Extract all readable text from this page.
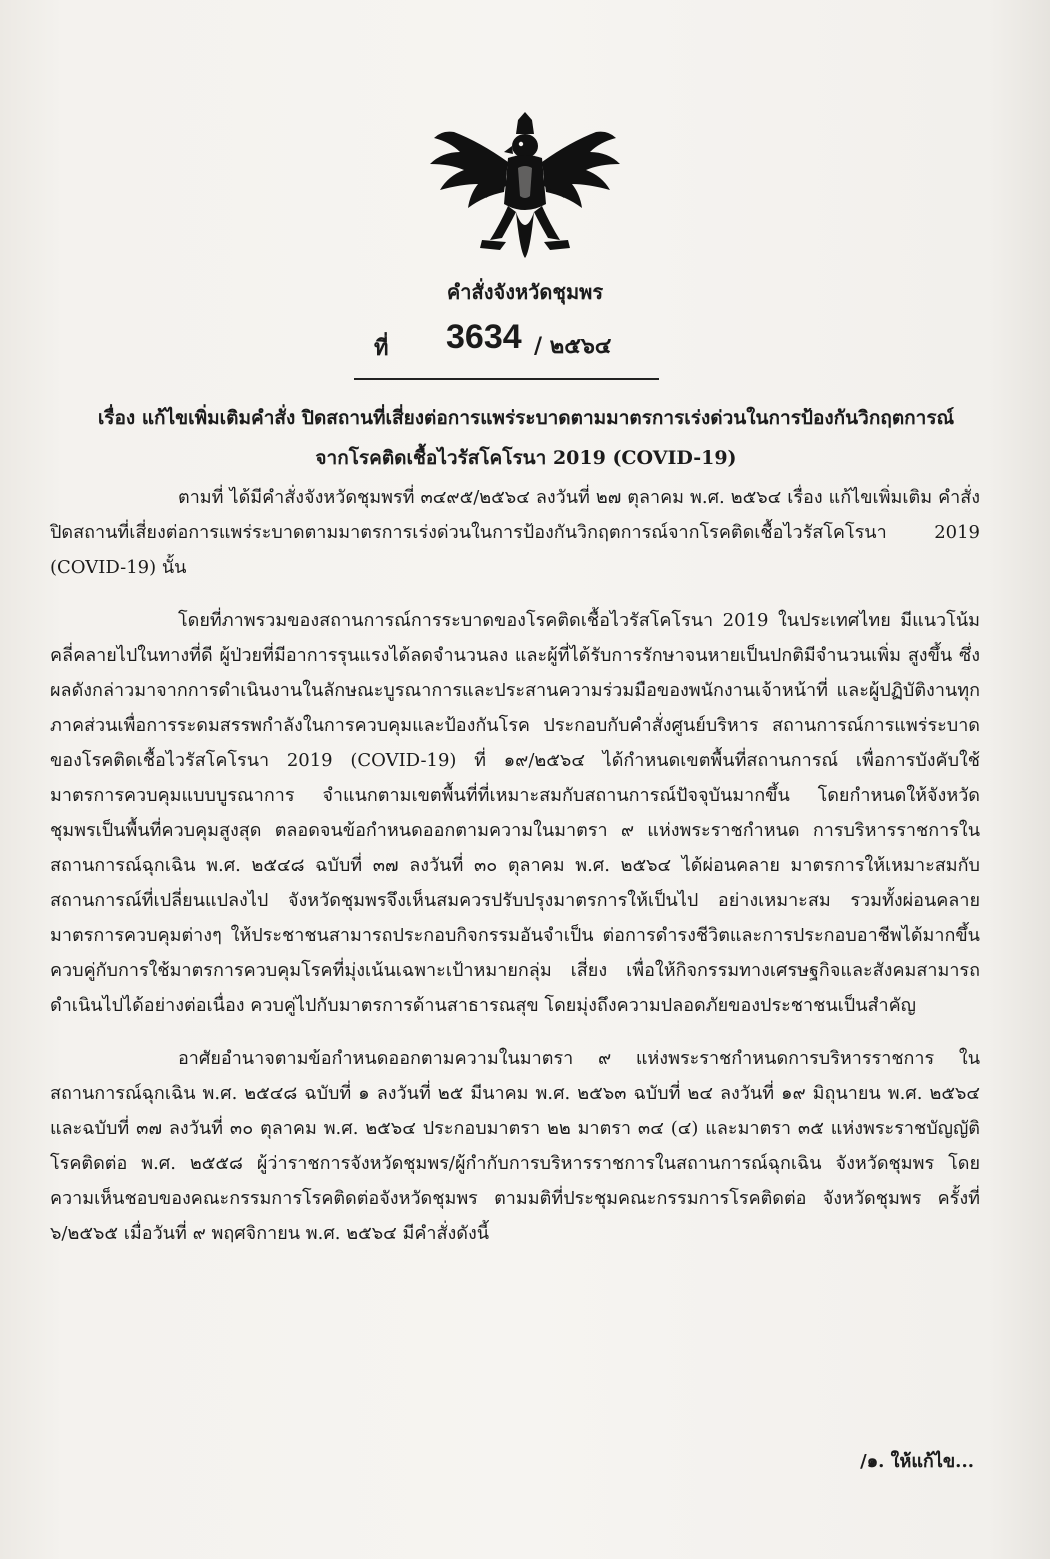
คำสั่งจังหวัดชุมพร
ที่ 3634 / ๒๕๖๔
เรื่อง แก้ไขเพิ่มเติมคำสั่ง ปิดสถานที่เสี่ยงต่อการแพร่ระบาดตามมาตรการเร่งด่วนในการป้องกันวิกฤตการณ์
จากโรคติดเชื้อไวรัสโคโรนา 2019 (COVID-19)

ตามที่ ได้มีคำสั่งจังหวัดชุมพรที่ ๓๔๙๕/๒๕๖๔ ลงวันที่ ๒๗ ตุลาคม พ.ศ. ๒๕๖๔ เรื่อง แก้ไขเพิ่มเติม คำสั่ง ปิดสถานที่เสี่ยงต่อการแพร่ระบาดตามมาตรการเร่งด่วนในการป้องกันวิกฤตการณ์จากโรคติดเชื้อไวรัสโคโรนา 2019 (COVID-19) นั้น

โดยที่ภาพรวมของสถานการณ์การระบาดของโรคติดเชื้อไวรัสโคโรนา 2019 ในประเทศไทย มีแนวโน้ม คลี่คลายไปในทางที่ดี ผู้ป่วยที่มีอาการรุนแรงได้ลดจำนวนลง และผู้ที่ได้รับการรักษาจนหายเป็นปกติมีจำนวนเพิ่ม สูงขึ้น ซึ่งผลดังกล่าวมาจากการดำเนินงานในลักษณะบูรณาการและประสานความร่วมมือของพนักงานเจ้าหน้าที่ และผู้ปฏิบัติงานทุกภาคส่วนเพื่อการระดมสรรพกำลังในการควบคุมและป้องกันโรค ประกอบกับคำสั่งศูนย์บริหาร สถานการณ์การแพร่ระบาดของโรคติดเชื้อไวรัสโคโรนา 2019 (COVID-19) ที่ ๑๙/๒๕๖๔ ได้กำหนดเขตพื้นที่สถานการณ์ เพื่อการบังคับใช้มาตรการควบคุมแบบบูรณาการ จำแนกตามเขตพื้นที่ที่เหมาะสมกับสถานการณ์ปัจจุบันมากขึ้น โดยกำหนดให้จังหวัดชุมพรเป็นพื้นที่ควบคุมสูงสุด ตลอดจนข้อกำหนดออกตามความในมาตรา ๙ แห่งพระราชกำหนด การบริหารราชการในสถานการณ์ฉุกเฉิน พ.ศ. ๒๕๔๘ ฉบับที่ ๓๗ ลงวันที่ ๓๐ ตุลาคม พ.ศ. ๒๕๖๔ ได้ผ่อนคลาย มาตรการให้เหมาะสมกับสถานการณ์ที่เปลี่ยนแปลงไป จังหวัดชุมพรจึงเห็นสมควรปรับปรุงมาตรการให้เป็นไป อย่างเหมาะสม รวมทั้งผ่อนคลายมาตรการควบคุมต่างๆ ให้ประชาชนสามารถประกอบกิจกรรมอันจำเป็น ต่อการดำรงชีวิตและการประกอบอาชีพได้มากขึ้น ควบคู่กับการใช้มาตรการควบคุมโรคที่มุ่งเน้นเฉพาะเป้าหมายกลุ่ม เสี่ยง เพื่อให้กิจกรรมทางเศรษฐกิจและสังคมสามารถดำเนินไปได้อย่างต่อเนื่อง ควบคู่ไปกับมาตรการด้านสาธารณสุข โดยมุ่งถึงความปลอดภัยของประชาชนเป็นสำคัญ

อาศัยอำนาจตามข้อกำหนดออกตามความในมาตรา ๙ แห่งพระราชกำหนดการบริหารราชการ ในสถานการณ์ฉุกเฉิน พ.ศ. ๒๕๔๘ ฉบับที่ ๑ ลงวันที่ ๒๕ มีนาคม พ.ศ. ๒๕๖๓ ฉบับที่ ๒๔ ลงวันที่ ๑๙ มิถุนายน พ.ศ. ๒๕๖๔ และฉบับที่ ๓๗ ลงวันที่ ๓๐ ตุลาคม พ.ศ. ๒๕๖๔ ประกอบมาตรา ๒๒ มาตรา ๓๔ (๔) และมาตรา ๓๕ แห่งพระราชบัญญัติโรคติดต่อ พ.ศ. ๒๕๕๘ ผู้ว่าราชการจังหวัดชุมพร/ผู้กำกับการบริหารราชการในสถานการณ์ฉุกเฉิน จังหวัดชุมพร โดยความเห็นชอบของคณะกรรมการโรคติดต่อจังหวัดชุมพร ตามมติที่ประชุมคณะกรรมการโรคติดต่อ จังหวัดชุมพร ครั้งที่ ๖/๒๕๖๕ เมื่อวันที่ ๙ พฤศจิกายน พ.ศ. ๒๕๖๔ มีคำสั่งดังนี้

/๑. ให้แก้ไข...
